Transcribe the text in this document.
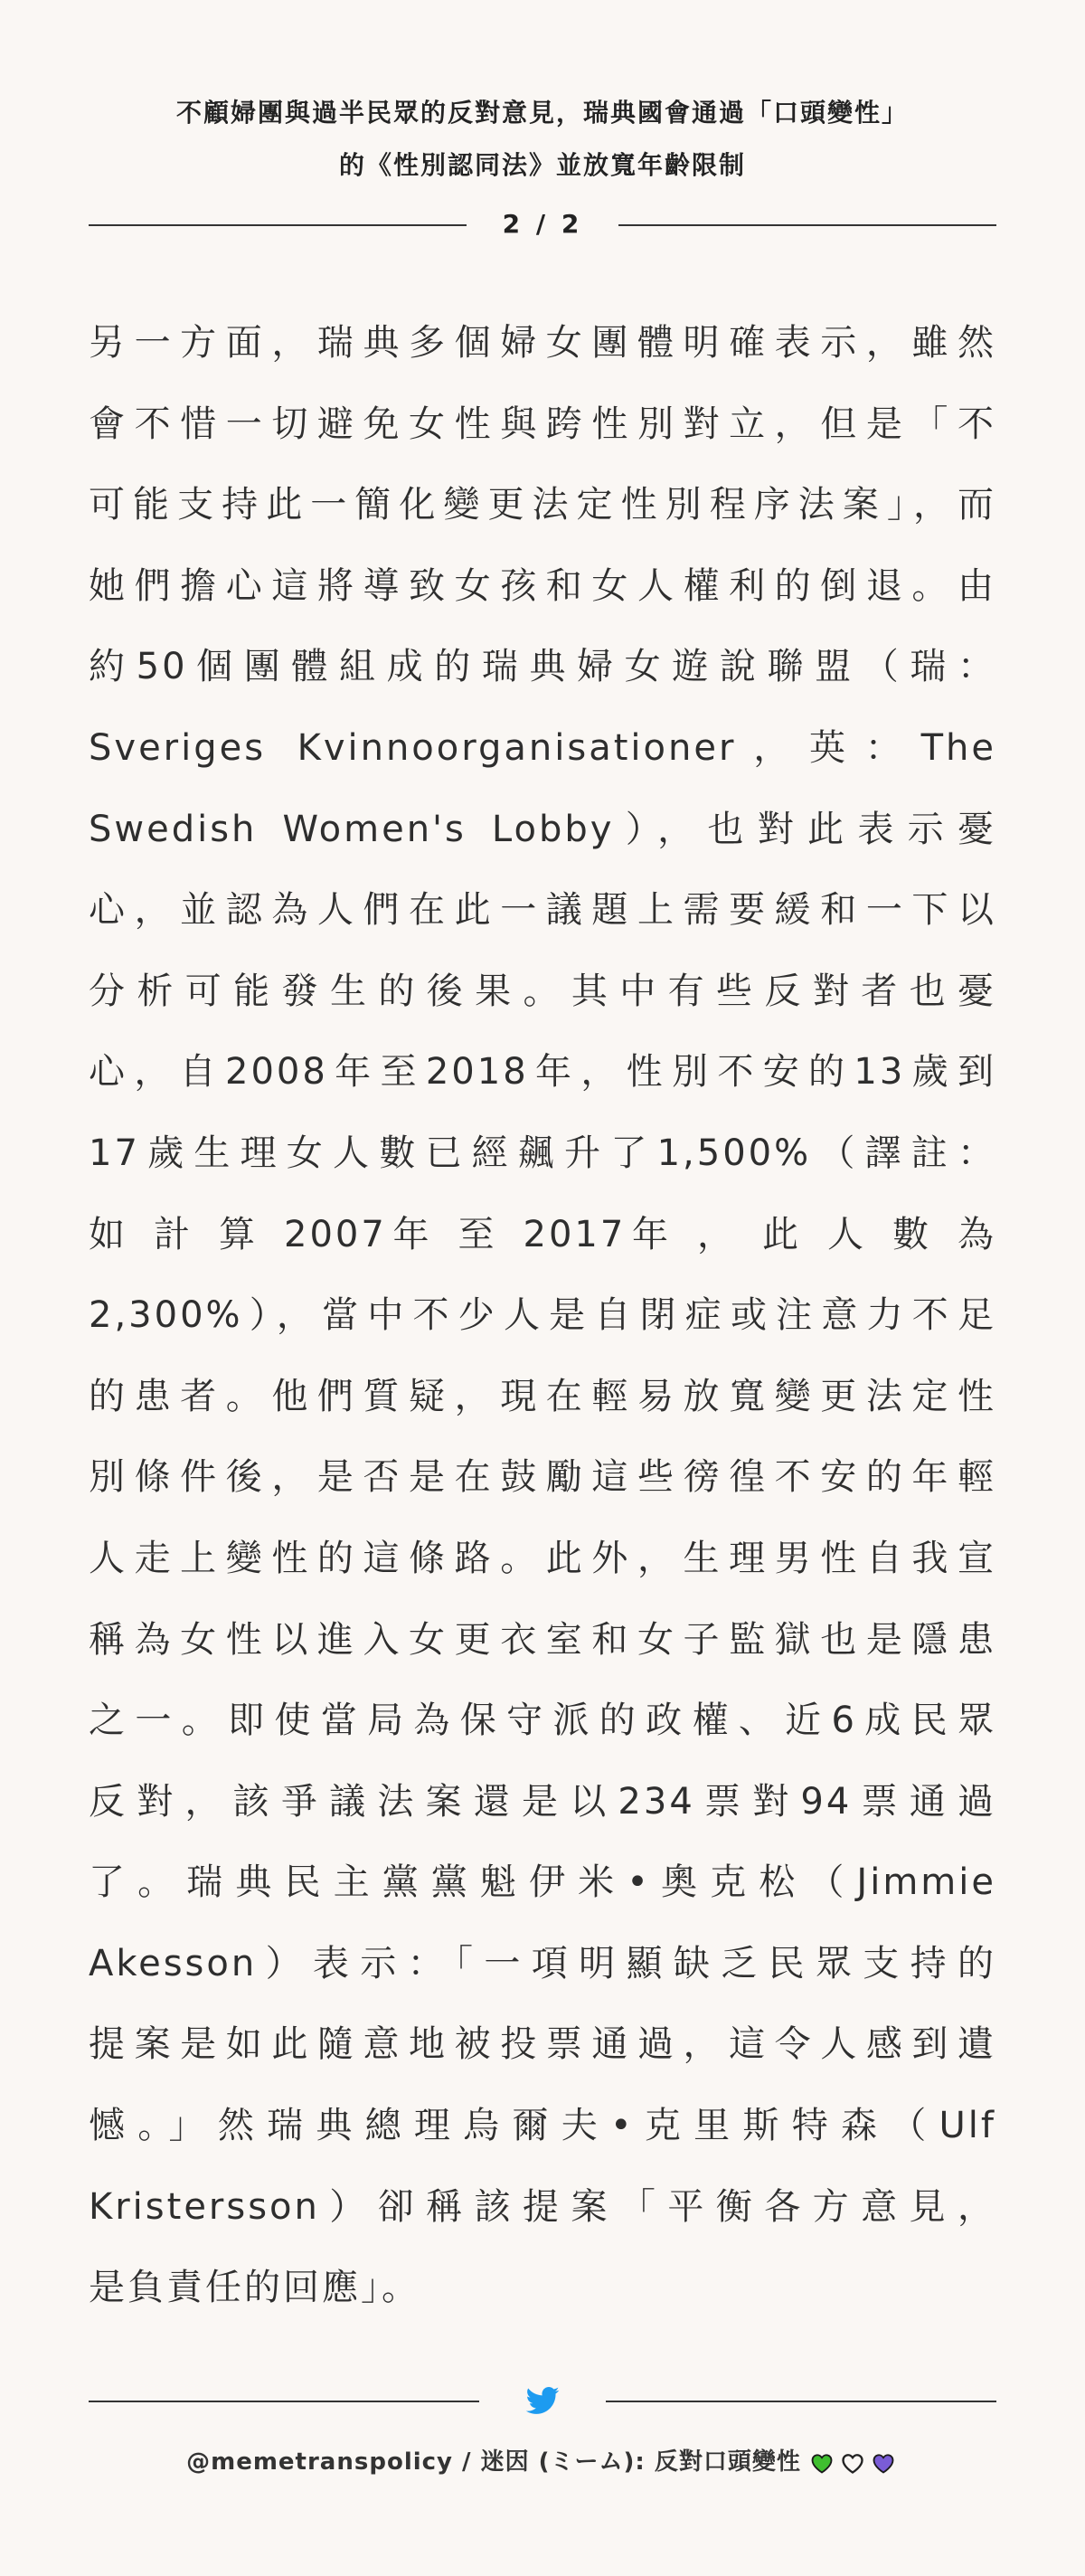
不顧婦團與過半民眾的反對意見，瑞典國會通過「口頭變性」
的《性別認同法》並放寬年齡限制
2 / 2
另一方面，瑞典多個婦女團體明確表示，雖然
會不惜一切避免女性與跨性別對立，但是「不
可能支持此一簡化變更法定性別程序法案」，而
她們擔心這將導致女孩和女人權利的倒退。由
約50個團體組成的瑞典婦女遊說聯盟（瑞：
Sveriges Kvinnoorganisationer，英：The
Swedish Women's Lobby），也對此表示憂
心，並認為人們在此一議題上需要緩和一下以
分析可能發生的後果。其中有些反對者也憂
心，自2008年至2018年，性別不安的13歲到
17歲生理女人數已經飆升了1,500%（譯註：
如 計 算 2007年 至 2017年 ， 此 人 數 為
2,300%），當中不少人是自閉症或注意力不足
的患者。他們質疑，現在輕易放寬變更法定性
別條件後，是否是在鼓勵這些徬徨不安的年輕
人走上變性的這條路。此外，生理男性自我宣
稱為女性以進入女更衣室和女子監獄也是隱患
之一。即使當局為保守派的政權、近6成民眾
反對，該爭議法案還是以234票對94票通過
了。瑞典民主黨黨魁伊米•奧克松（Jimmie
Akesson）表示：「一項明顯缺乏民眾支持的
提案是如此隨意地被投票通過，這令人感到遺
憾。」然瑞典總理烏爾夫•克里斯特森（Ulf
Kristersson）卻稱該提案「平衡各方意見，
是負責任的回應」。
@memetranspolicy / 迷因 (ミーム): 反對口頭變性
